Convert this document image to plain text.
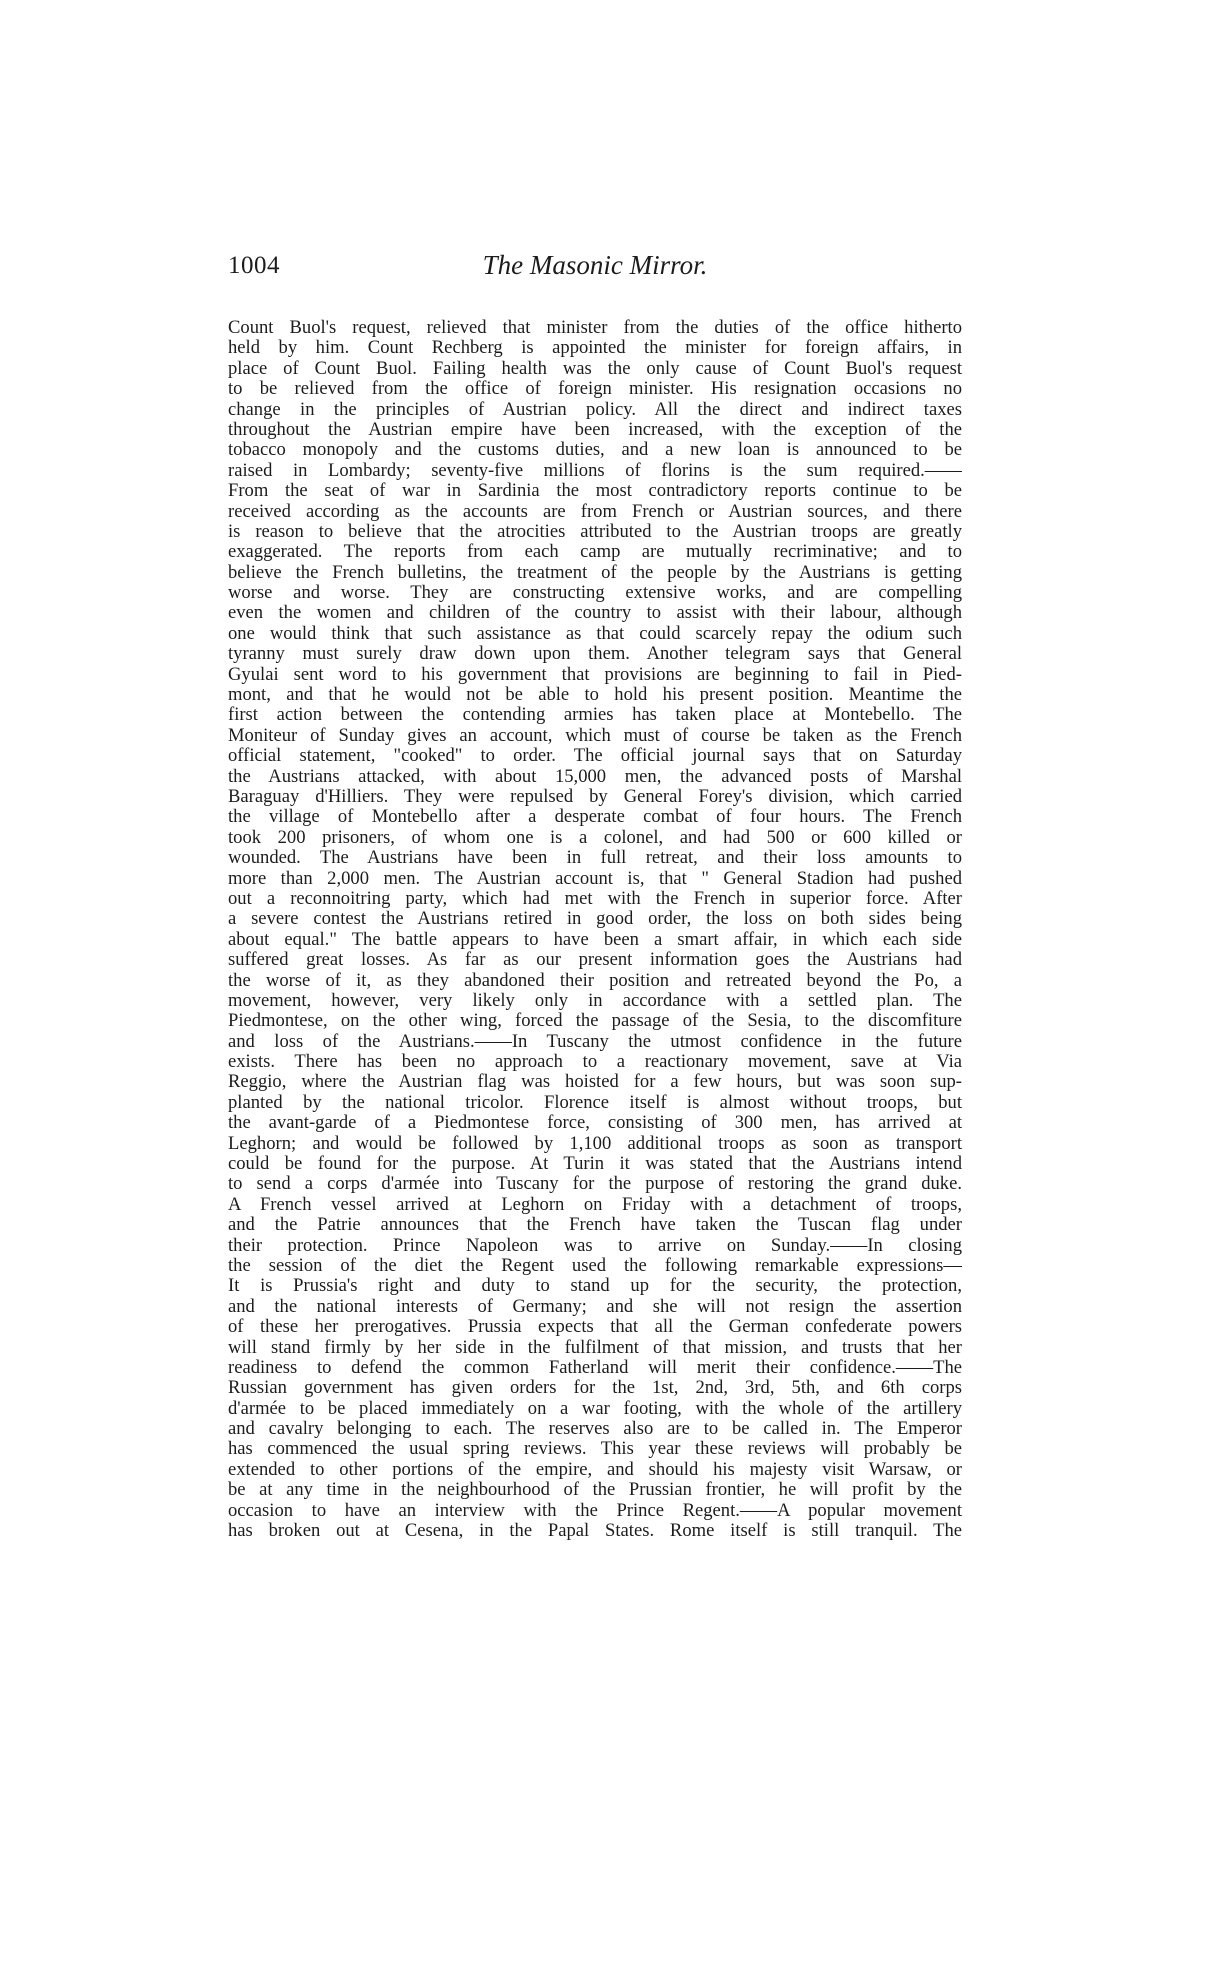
1004	The Masonic Mirror.
Count Buol's request, relieved that minister from the duties of the office hitherto
held by him. Count Rechberg is appointed the minister for foreign affairs, in
place of Count Buol. Failing health was the only cause of Count Buol's request
to be relieved from the office of foreign minister. His resignation occasions no
change in the principles of Austrian policy. All the direct and indirect taxes
throughout the Austrian empire have been increased, with the exception of the
tobacco monopoly and the customs duties, and a new loan is announced to be
raised in Lombardy; seventy-five millions of florins is the sum required.——
From the seat of war in Sardinia the most contradictory reports continue to be
received according as the accounts are from French or Austrian sources, and there
is reason to believe that the atrocities attributed to the Austrian troops are greatly
exaggerated. The reports from each camp are mutually recriminative; and to
believe the French bulletins, the treatment of the people by the Austrians is getting
worse and worse. They are constructing extensive works, and are compelling
even the women and children of the country to assist with their labour, although
one would think that such assistance as that could scarcely repay the odium such
tyranny must surely draw down upon them. Another telegram says that General
Gyulai sent word to his government that provisions are beginning to fail in Pied-
mont, and that he would not be able to hold his present position. Meantime the
first action between the contending armies has taken place at Montebello. The
Moniteur of Sunday gives an account, which must of course be taken as the French
official statement, "cooked" to order. The official journal says that on Saturday
the Austrians attacked, with about 15,000 men, the advanced posts of Marshal
Baraguay d'Hilliers. They were repulsed by General Forey's division, which carried
the village of Montebello after a desperate combat of four hours. The French
took 200 prisoners, of whom one is a colonel, and had 500 or 600 killed or
wounded. The Austrians have been in full retreat, and their loss amounts to
more than 2,000 men. The Austrian account is, that " General Stadion had pushed
out a reconnoitring party, which had met with the French in superior force. After
a severe contest the Austrians retired in good order, the loss on both sides being
about equal." The battle appears to have been a smart affair, in which each side
suffered great losses. As far as our present information goes the Austrians had
the worse of it, as they abandoned their position and retreated beyond the Po, a
movement, however, very likely only in accordance with a settled plan. The
Piedmontese, on the other wing, forced the passage of the Sesia, to the discomfiture
and loss of the Austrians.——In Tuscany the utmost confidence in the future
exists. There has been no approach to a reactionary movement, save at Via
Reggio, where the Austrian flag was hoisted for a few hours, but was soon sup-
planted by the national tricolor. Florence itself is almost without troops, but
the avant-garde of a Piedmontese force, consisting of 300 men, has arrived at
Leghorn; and would be followed by 1,100 additional troops as soon as transport
could be found for the purpose. At Turin it was stated that the Austrians intend
to send a corps d'armée into Tuscany for the purpose of restoring the grand duke.
A French vessel arrived at Leghorn on Friday with a detachment of troops,
and the Patrie announces that the French have taken the Tuscan flag under
their protection. Prince Napoleon was to arrive on Sunday.——In closing
the session of the diet the Regent used the following remarkable expressions—
It is Prussia's right and duty to stand up for the security, the protection,
and the national interests of Germany; and she will not resign the assertion
of these her prerogatives. Prussia expects that all the German confederate powers
will stand firmly by her side in the fulfilment of that mission, and trusts that her
readiness to defend the common Fatherland will merit their confidence.——The
Russian government has given orders for the 1st, 2nd, 3rd, 5th, and 6th corps
d'armée to be placed immediately on a war footing, with the whole of the artillery
and cavalry belonging to each. The reserves also are to be called in. The Emperor
has commenced the usual spring reviews. This year these reviews will probably be
extended to other portions of the empire, and should his majesty visit Warsaw, or
be at any time in the neighbourhood of the Prussian frontier, he will profit by the
occasion to have an interview with the Prince Regent.——A popular movement
has broken out at Cesena, in the Papal States. Rome itself is still tranquil. The
